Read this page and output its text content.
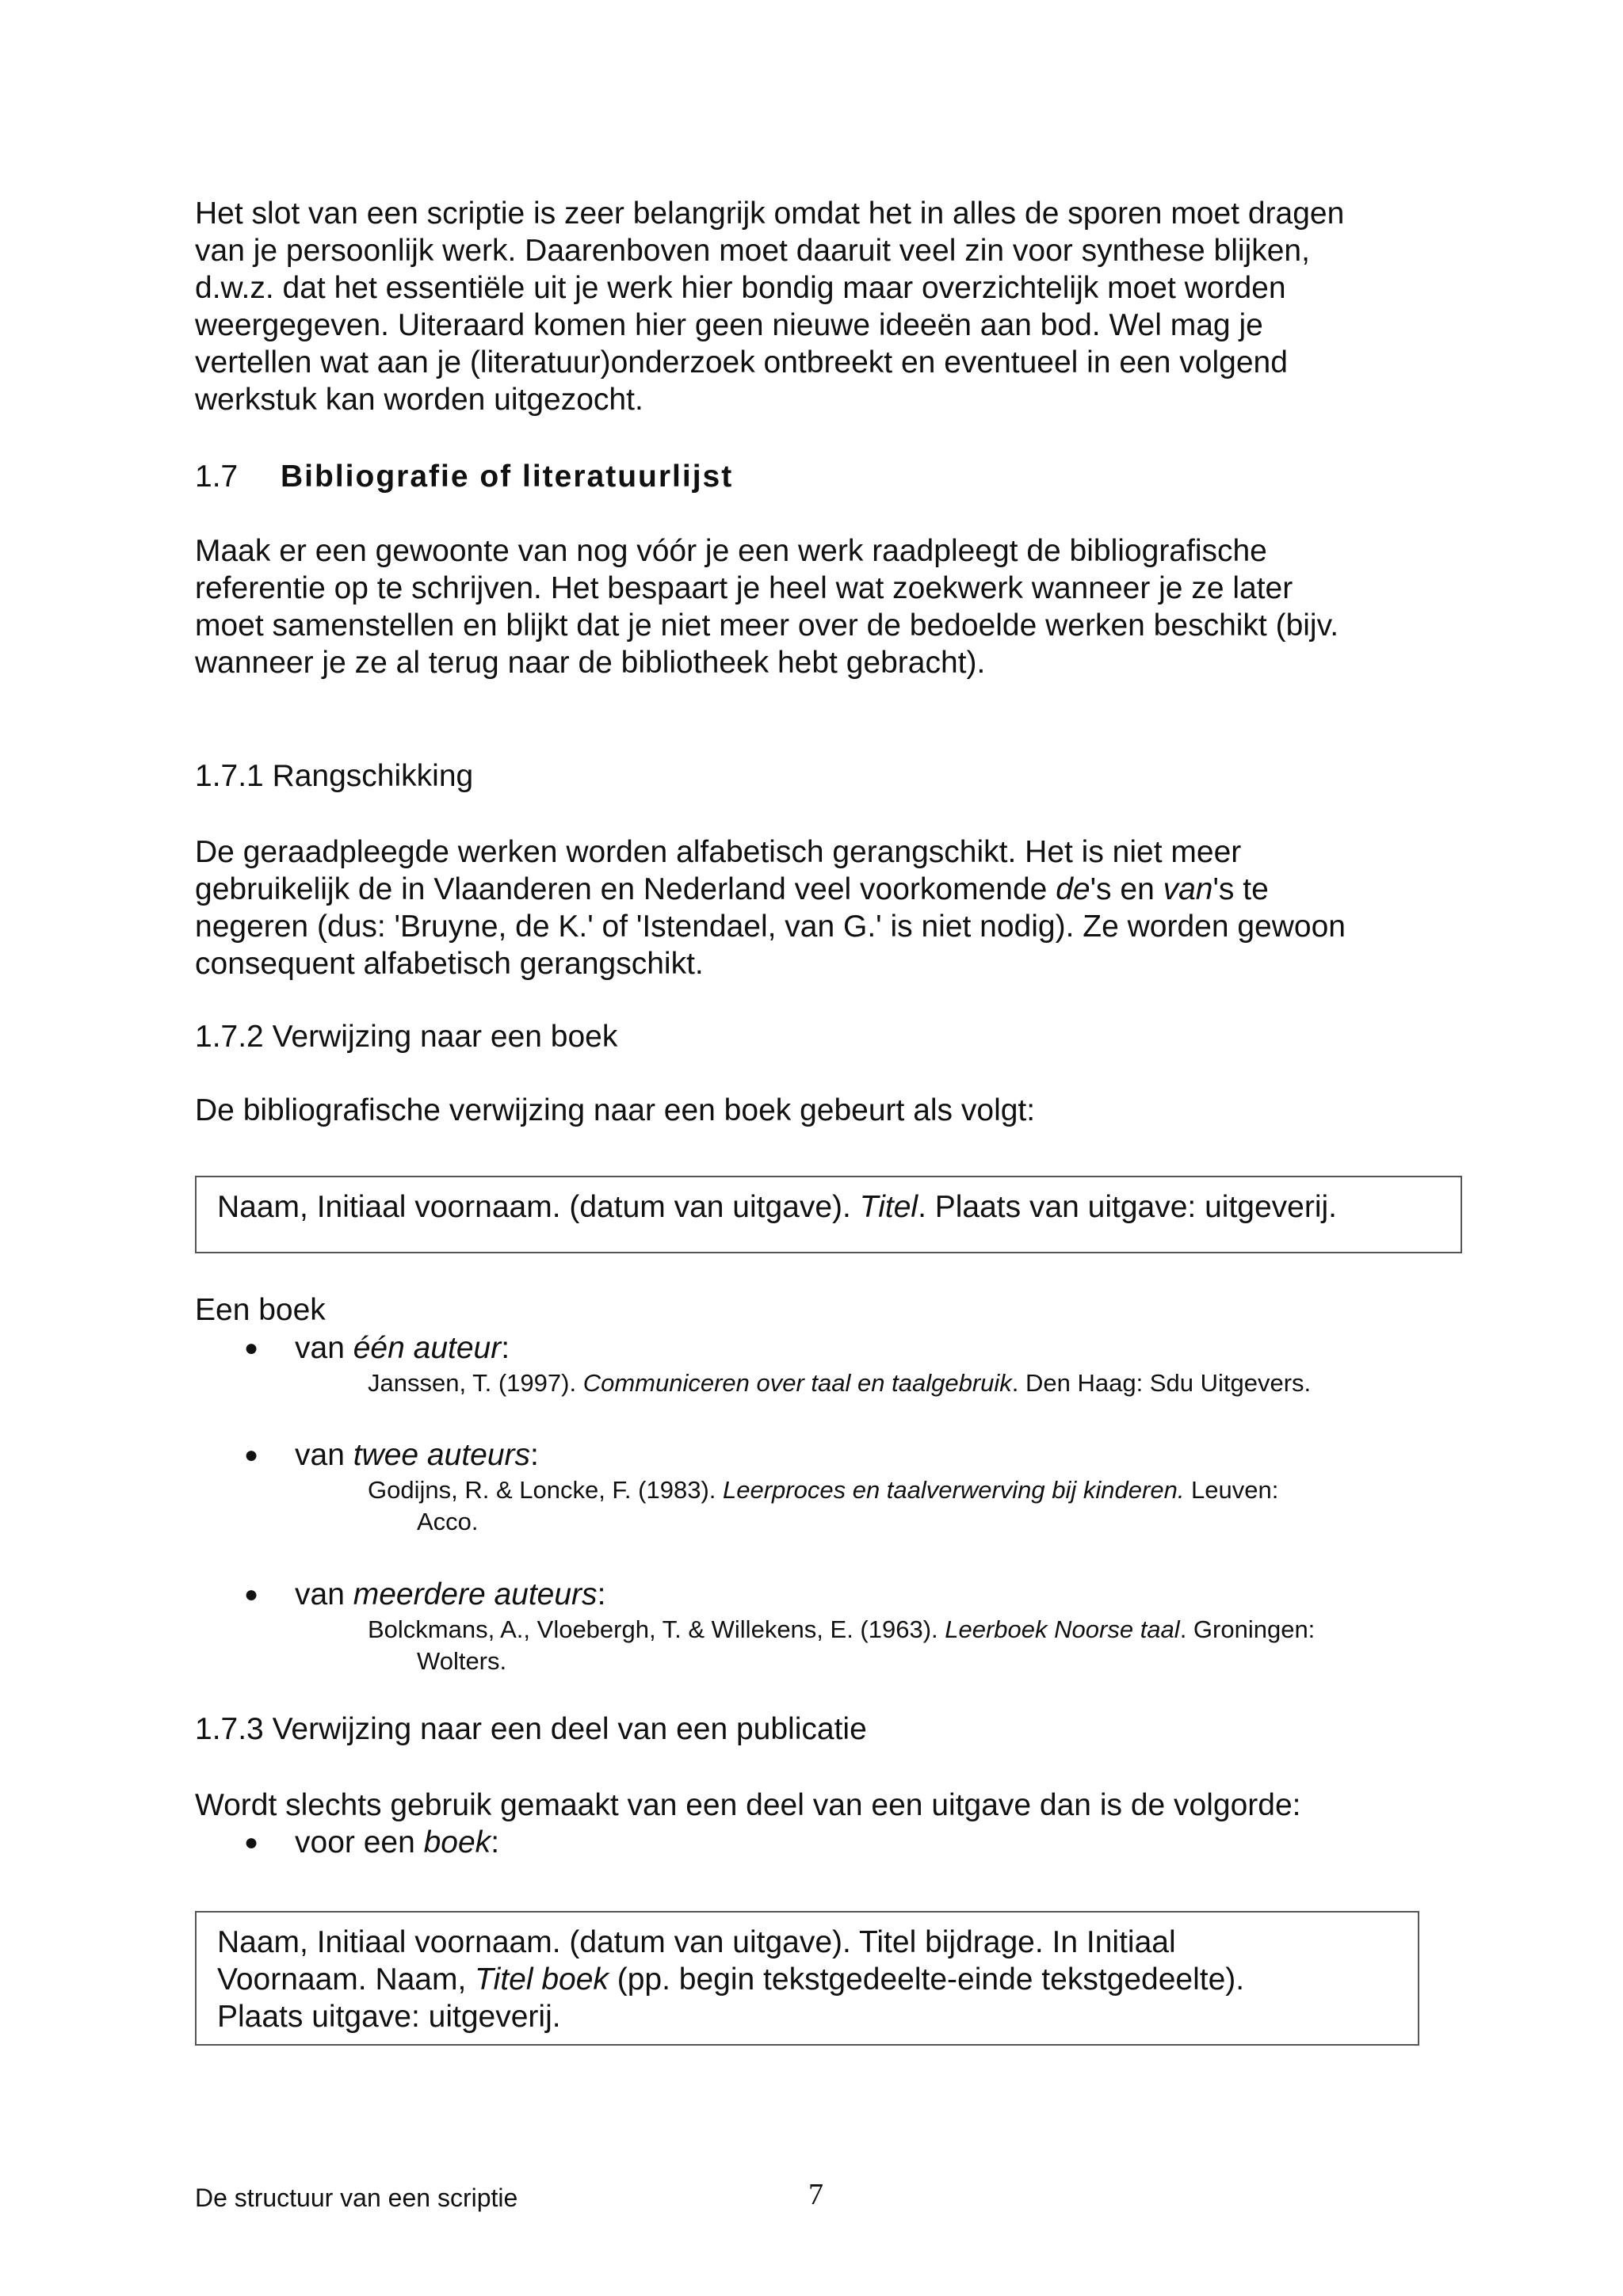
Het slot van een scriptie is zeer belangrijk omdat het in alles de sporen moet dragen

van je persoonlijk werk. Daarenboven moet daaruit veel zin voor synthese blijken,

d.w.z. dat het essentiële uit je werk hier bondig maar overzichtelijk moet worden

weergegeven. Uiteraard komen hier geen nieuwe ideeën aan bod. Wel mag je

vertellen wat aan je (literatuur)onderzoek ontbreekt en eventueel in een volgend

werkstuk kan worden uitgezocht.

1.7 Bibliografie of literatuurlijst

Maak er een gewoonte van nog vóór je een werk raadpleegt de bibliografische

referentie op te schrijven. Het bespaart je heel wat zoekwerk wanneer je ze later

moet samenstellen en blijkt dat je niet meer over de bedoelde werken beschikt (bijv.

wanneer je ze al terug naar de bibliotheek hebt gebracht).

1.7.1 Rangschikking

De geraadpleegde werken worden alfabetisch gerangschikt. Het is niet meer

gebruikelijk de in Vlaanderen en Nederland veel voorkomende de's en van's te

negeren (dus: 'Bruyne, de K.' of 'Istendael, van G.' is niet nodig). Ze worden gewoon

consequent alfabetisch gerangschikt.

1.7.2 Verwijzing naar een boek
De bibliografische verwijzing naar een boek gebeurt als volgt:
Naam, Initiaal voornaam. (datum van uitgave). Titel. Plaats van uitgave: uitgeverij.
Een boek
● van één auteur:
Janssen, T. (1997). Communiceren over taal en taalgebruik. Den Haag: Sdu Uitgevers.
● van twee auteurs:
Godijns, R. & Loncke, F. (1983). Leerproces en taalverwerving bij kinderen. Leuven:
Acco.
● van meerdere auteurs:
Bolckmans, A., Vloebergh, T. & Willekens, E. (1963). Leerboek Noorse taal. Groningen:
Wolters.
1.7.3 Verwijzing naar een deel van een publicatie
Wordt slechts gebruik gemaakt van een deel van een uitgave dan is de volgorde:
● voor een boek:
Naam, Initiaal voornaam. (datum van uitgave). Titel bijdrage. In Initiaal
Voornaam. Naam, Titel boek (pp. begin tekstgedeelte-einde tekstgedeelte).
Plaats uitgave: uitgeverij.
De structuur van een scriptie	7
